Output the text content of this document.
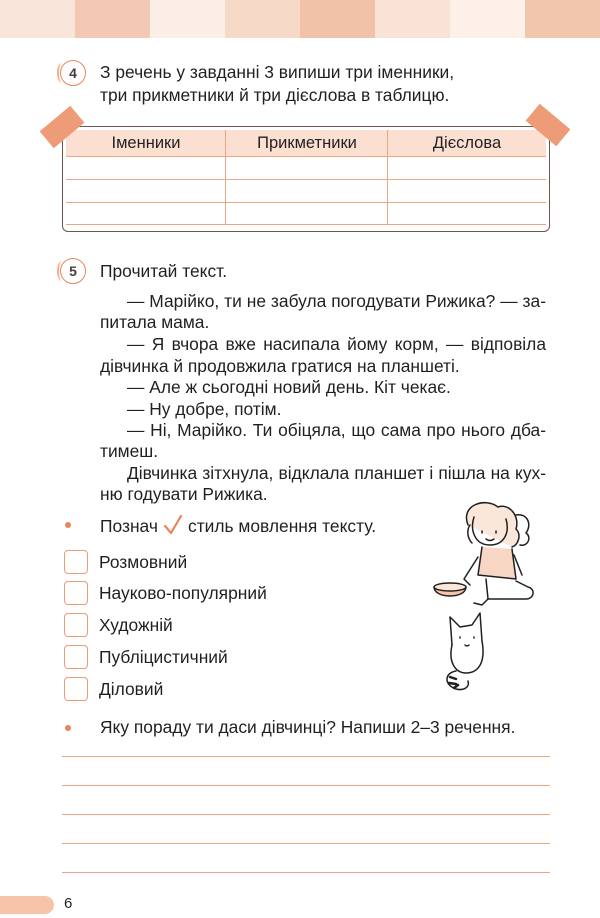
4 З речень у завданні 3 випиши три іменники,
три прикметники й три дієслова в таблицю.
Іменники	Прикметники	Дієслова
5 Прочитай текст.
— Марійко, ти не забула погодувати Рижика? — за-
питала мама.
— Я вчора вже насипала йому корм, — відповіла
дівчинка й продовжила гратися на планшеті.
— Але ж сьогодні новий день. Кіт чекає.
— Ну добре, потім.
— Ні, Марійко. Ти обіцяла, що сама про нього дба-
тимеш.
Дівчинка зітхнула, відклала планшет і пішла на кух-
ню годувати Рижика.
Познач стиль мовлення тексту.
Розмовний
Науково-популярний
Художній
Публіцистичний
Діловий
Яку пораду ти даси дівчинці? Напиши 2–3 речення.
6
